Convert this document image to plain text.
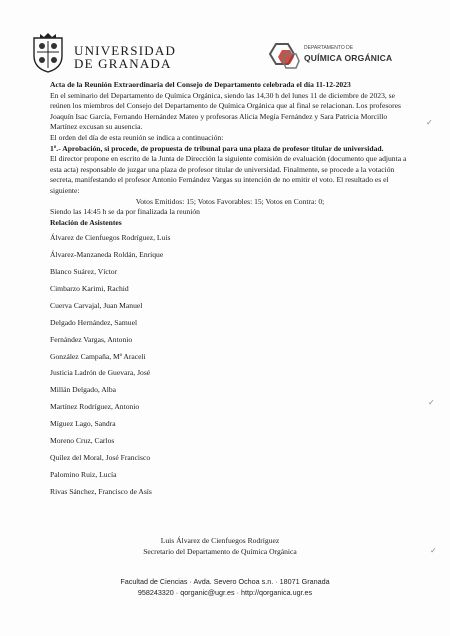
UNIVERSIDAD
DE GRANADA
DEPARTAMENTO DE
QUÍMICA ORGÁNICA

Acta de la Reunión Extraordinaria del Consejo de Departamento celebrada el día 11-12-2023

En el seminario del Departamento de Química Orgánica, siendo las 14,30 h del lunes 11 de diciembre de 2023, se reúnen los miembros del Consejo del Departamento de Química Orgánica que al final se relacionan. Los profesores Joaquín Isac García, Fernando Hernández Mateo y profesoras Alicia Megía Fernández y Sara Patricia Morcillo Martínez excusan su ausencia.

El orden del día de esta reunión se indica a continuación:

1º.- Aprobación, si procede, de propuesta de tribunal para una plaza de profesor titular de universidad.

El director propone en escrito de la Junta de Dirección la siguiente comisión de evaluación (documento que adjunta a esta acta) responsable de juzgar una plaza de profesor titular de universidad. Finalmente, se procede a la votación secreta, manifestando el profesor Antonio Fernández Vargas su intención de no emitir el voto. El resultado es el siguiente:

Votos Emitidos: 15; Votos Favorables: 15; Votos en Contra: 0;

Siendo las 14:45 h se da por finalizada la reunión

Relación de Asistentes

Álvarez de Cienfuegos Rodríguez, Luis
Álvarez-Manzaneda Roldán, Enrique
Blanco Suárez, Víctor
Cimbarzo Karimi, Rachid
Cuerva Carvajal, Juan Manuel
Delgado Hernández, Samuel
Fernández Vargas, Antonio
González Campaña, Mª Araceli
Justicia Ladrón de Guevara, José
Millán Delgado, Alba
Martínez Rodríguez, Antonio
Míguez Lago, Sandra
Moreno Cruz, Carlos
Quílez del Moral, José Francisco
Palomino Ruiz, Lucía
Rivas Sánchez, Francisco de Asís
Luis Álvarez de Cienfuegos Rodríguez
Secretario del Departamento de Química Orgánica
Facultad de Ciencias · Avda. Severo Ochoa s.n. · 18071 Granada
958243320 · qorganic@ugr.es · http://qorganica.ugr.es
✓
✓
✓
